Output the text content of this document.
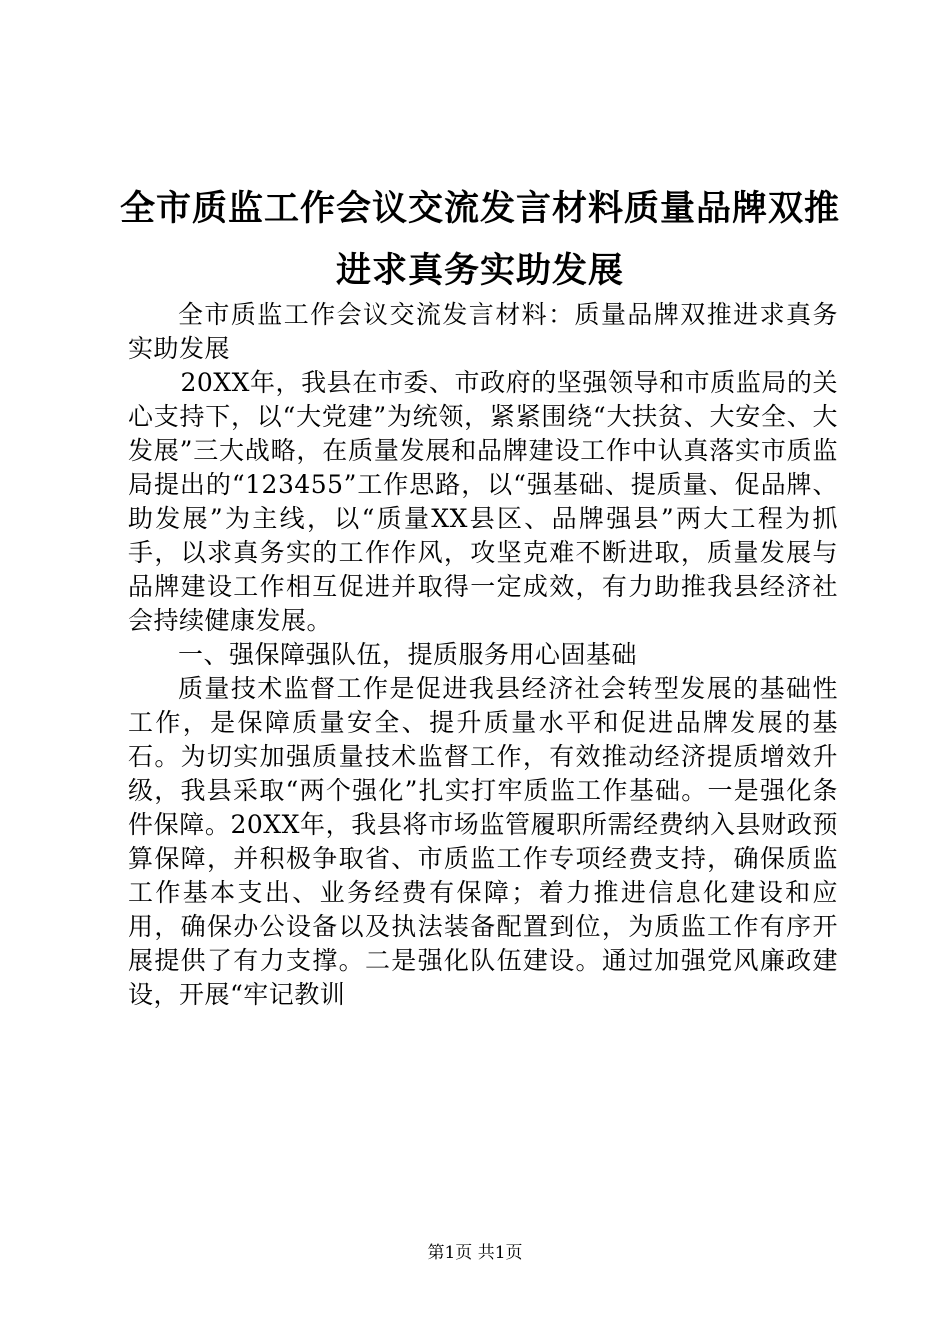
全市质监工作会议交流发言材料质量品牌双推进求真务实助发展

全市质监工作会议交流发言材料：质量品牌双推进求真务实助发展

20XX年，我县在市委、市政府的坚强领导和市质监局的关心支持下，以“大党建”为统领，紧紧围绕“大扶贫、大安全、大发展”三大战略，在质量发展和品牌建设工作中认真落实市质监局提出的“123455”工作思路，以“强基础、提质量、促品牌、助发展”为主线，以“质量XX县区、品牌强县”两大工程为抓手，以求真务实的工作作风，攻坚克难不断进取，质量发展与品牌建设工作相互促进并取得一定成效，有力助推我县经济社会持续健康发展。

一、强保障强队伍，提质服务用心固基础

质量技术监督工作是促进我县经济社会转型发展的基础性工作，是保障质量安全、提升质量水平和促进品牌发展的基石。为切实加强质量技术监督工作，有效推动经济提质增效升级，我县采取“两个强化”扎实打牢质监工作基础。一是强化条件保障。20XX年，我县将市场监管履职所需经费纳入县财政预算保障，并积极争取省、市质监工作专项经费支持，确保质监工作基本支出、业务经费有保障；着力推进信息化建设和应用，确保办公设备以及执法装备配置到位，为质监工作有序开展提供了有力支撑。二是强化队伍建设。通过加强党风廉政建设，开展“牢记教训

第1页 共1页
